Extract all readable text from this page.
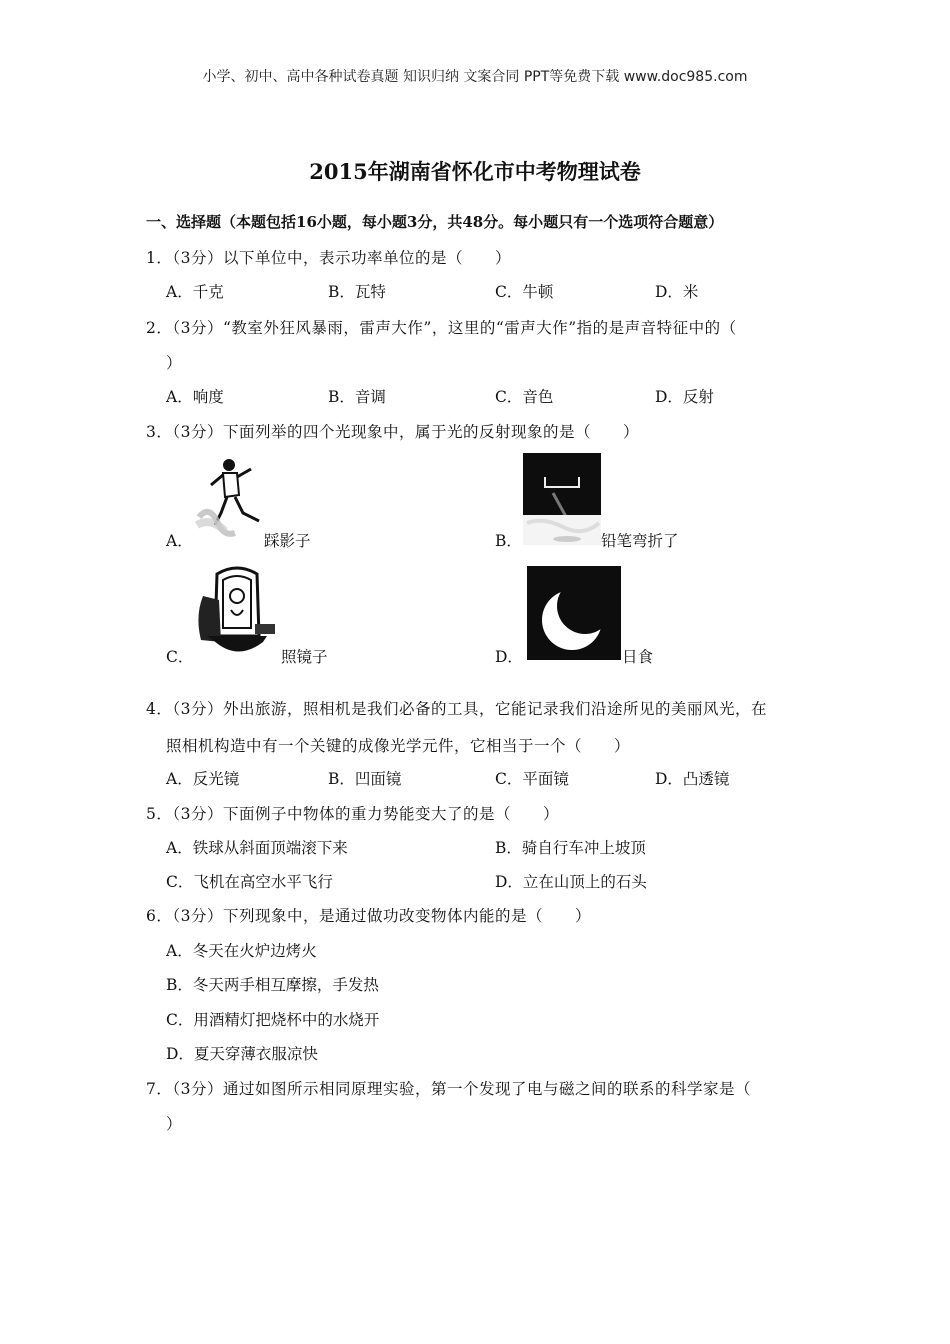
小学、初中、高中各种试卷真题 知识归纳 文案合同 PPT等免费下载 www.doc985.com
2015年湖南省怀化市中考物理试卷
一、选择题（本题包括16小题，每小题3分，共48分。每小题只有一个选项符合题意）
1．（3分）以下单位中，表示功率单位的是（　　）
A．千克	B．瓦特	C．牛顿	D．米
2．（3分）“教室外狂风暴雨，雷声大作”，这里的“雷声大作”指的是声音特征中的（
）
A．响度	B．音调	C．音色	D．反射
3．（3分）下面列举的四个光现象中，属于光的反射现象的是（　　）
A．	踩影子	B．	铅笔弯折了
C．	照镜子	D．	日食
4．（3分）外出旅游，照相机是我们必备的工具，它能记录我们沿途所见的美丽风光，在
照相机构造中有一个关键的成像光学元件，它相当于一个（　　）
A．反光镜	B．凹面镜	C．平面镜	D．凸透镜
5．（3分）下面例子中物体的重力势能变大了的是（　　）
A．铁球从斜面顶端滚下来	B．骑自行车冲上坡顶
C．飞机在高空水平飞行	D．立在山顶上的石头
6．（3分）下列现象中，是通过做功改变物体内能的是（　　）
A．冬天在火炉边烤火
B．冬天两手相互摩擦，手发热
C．用酒精灯把烧杯中的水烧开
D．夏天穿薄衣服凉快
7．（3分）通过如图所示相同原理实验，第一个发现了电与磁之间的联系的科学家是（
）
